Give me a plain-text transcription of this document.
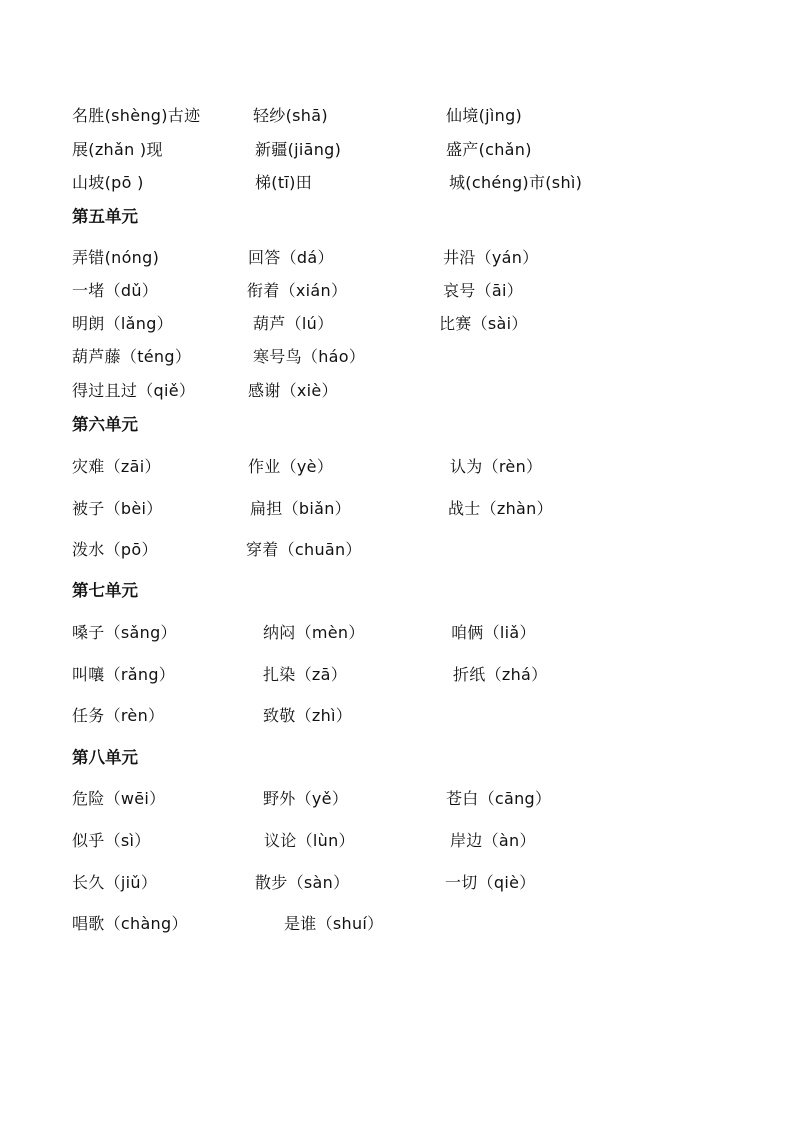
名胜(shèng)古迹	轻纱(shā)	仙境(jìng)
展(zhǎn )现	新疆(jiāng)	盛产(chǎn)
山坡(pō )	梯(tī)田	城(chéng)市(shì)
第五单元
弄错(nóng)	回答（dá）	井沿（yán）
一堵（dǔ）	衔着（xián）	哀号（āi）
明朗（lǎng）	葫芦（lú）	比赛（sài）
葫芦藤（téng）	寒号鸟（háo）
得过且过（qiě）	感谢（xiè）
第六单元
灾难（zāi）	作业（yè）	认为（rèn）
被子（bèi）	扁担（biǎn）	战士（zhàn）
泼水（pō）	穿着（chuān）
第七单元
嗓子（sǎng）	纳闷（mèn）	咱俩（liǎ）
叫嚷（rǎng）	扎染（zā）	折纸（zhá）
任务（rèn）	致敬（zhì）
第八单元
危险（wēi）	野外（yě）	苍白（cāng）
似乎（sì）	议论（lùn）	岸边（àn）
长久（jiǔ）	散步（sàn）	一切（qiè）
唱歌（chàng）	是谁（shuí）
